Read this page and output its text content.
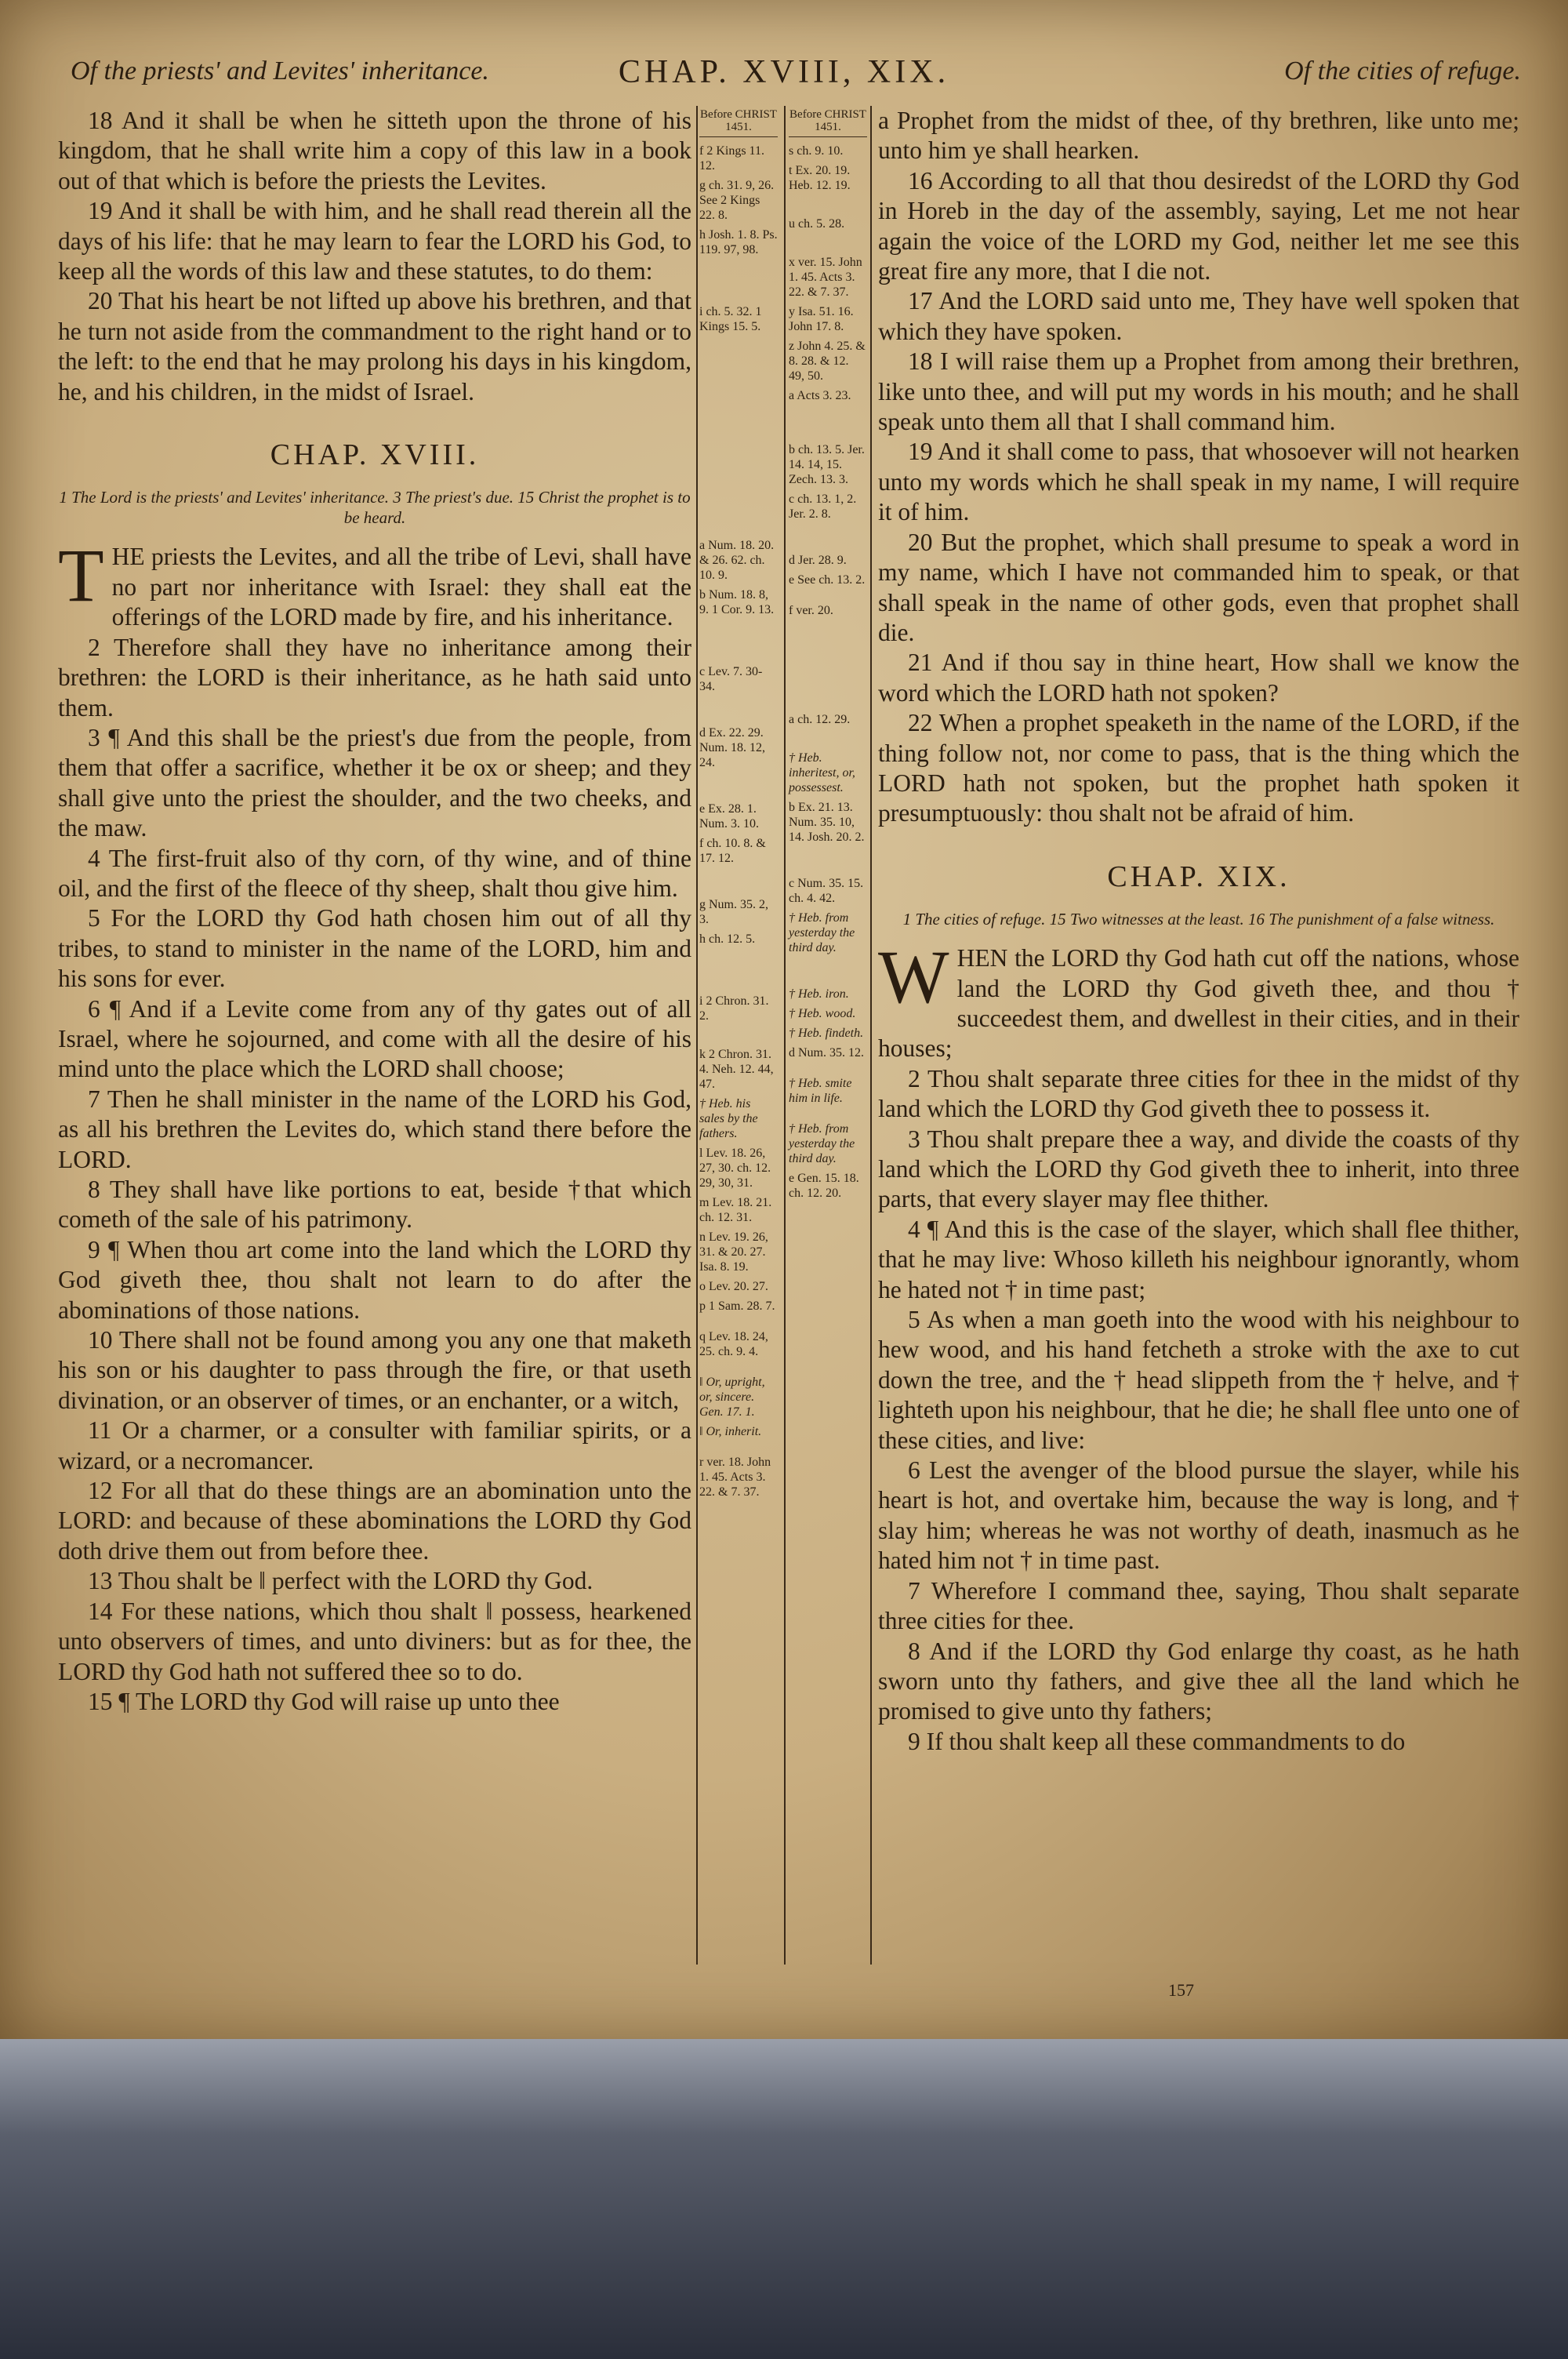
Of the priests' and Levites' inheritance.	CHAP. XVIII, XIX.	Of the cities of refuge.

18 And it shall be when he sitteth upon the throne of his kingdom, that he shall write him a copy of this law in a book out of that which is before the priests the Levites.

19 And it shall be with him, and he shall read therein all the days of his life: that he may learn to fear the LORD his God, to keep all the words of this law and these statutes, to do them:

20 That his heart be not lifted up above his brethren, and that he turn not aside from the commandment to the right hand or to the left: to the end that he may prolong his days in his kingdom, he, and his children, in the midst of Israel.

CHAP. XVIII.
1 The Lord is the priests' and Levites' inheritance. 3 The priest's due. 15 Christ the prophet is to be heard.

THE priests the Levites, and all the tribe of Levi, shall have no part nor inheritance with Israel: they shall eat the offerings of the LORD made by fire, and his inheritance.

2 Therefore shall they have no inheritance among their brethren: the LORD is their inheritance, as he hath said unto them.

3 ¶ And this shall be the priest's due from the people, from them that offer a sacrifice, whether it be ox or sheep; and they shall give unto the priest the shoulder, and the two cheeks, and the maw.

4 The first-fruit also of thy corn, of thy wine, and of thine oil, and the first of the fleece of thy sheep, shalt thou give him.

5 For the LORD thy God hath chosen him out of all thy tribes, to stand to minister in the name of the LORD, him and his sons for ever.

6 ¶ And if a Levite come from any of thy gates out of all Israel, where he sojourned, and come with all the desire of his mind unto the place which the LORD shall choose;

7 Then he shall minister in the name of the LORD his God, as all his brethren the Levites do, which stand there before the LORD.

8 They shall have like portions to eat, beside †that which cometh of the sale of his patrimony.

9 ¶ When thou art come into the land which the LORD thy God giveth thee, thou shalt not learn to do after the abominations of those nations.

10 There shall not be found among you any one that maketh his son or his daughter to pass through the fire, or that useth divination, or an observer of times, or an enchanter, or a witch,

11 Or a charmer, or a consulter with familiar spirits, or a wizard, or a necromancer.

12 For all that do these things are an abomination unto the LORD: and because of these abominations the LORD thy God doth drive them out from before thee.

13 Thou shalt be ‖ perfect with the LORD thy God.

14 For these nations, which thou shalt ‖ possess, hearkened unto observers of times, and unto diviners: but as for thee, the LORD thy God hath not suffered thee so to do.

15 ¶ The LORD thy God will raise up unto thee

Before CHRIST 1451.
f 2 Kings 11. 12.
g ch. 31. 9, 26. See 2 Kings 22. 8.
h Josh. 1. 8. Ps. 119. 97, 98.
i ch. 5. 32. 1 Kings 15. 5.
a Num. 18. 20. & 26. 62. ch. 10. 9.
b Num. 18. 8, 9. 1 Cor. 9. 13.
c Lev. 7. 30-34.
d Ex. 22. 29. Num. 18. 12, 24.
e Ex. 28. 1. Num. 3. 10.
f ch. 10. 8. & 17. 12.
g Num. 35. 2, 3.
h ch. 12. 5.
i 2 Chron. 31. 2.
k 2 Chron. 31. 4. Neh. 12. 44, 47.
† Heb. his sales by the fathers.
l Lev. 18. 26, 27, 30. ch. 12. 29, 30, 31.
m Lev. 18. 21. ch. 12. 31.
n Lev. 19. 26, 31. & 20. 27. Isa. 8. 19.
o Lev. 20. 27.
p 1 Sam. 28. 7.
q Lev. 18. 24, 25. ch. 9. 4.
‖ Or, upright, or, sincere. Gen. 17. 1.
‖ Or, inherit.
r ver. 18. John 1. 45. Acts 3. 22. & 7. 37.
Before CHRIST 1451.
s ch. 9. 10.
t Ex. 20. 19. Heb. 12. 19.
u ch. 5. 28.
x ver. 15. John 1. 45. Acts 3. 22. & 7. 37.
y Isa. 51. 16. John 17. 8.
z John 4. 25. & 8. 28. & 12. 49, 50.
a Acts 3. 23.
b ch. 13. 5. Jer. 14. 14, 15. Zech. 13. 3.
c ch. 13. 1, 2. Jer. 2. 8.
d Jer. 28. 9.
e See ch. 13. 2.
f ver. 20.
a ch. 12. 29.
† Heb. inheritest, or, possessest.
b Ex. 21. 13. Num. 35. 10, 14. Josh. 20. 2.
c Num. 35. 15. ch. 4. 42.
† Heb. from yesterday the third day.
† Heb. iron.
† Heb. wood.
† Heb. findeth.
d Num. 35. 12.
† Heb. smite him in life.
† Heb. from yesterday the third day.
e Gen. 15. 18. ch. 12. 20.

a Prophet from the midst of thee, of thy brethren, like unto me; unto him ye shall hearken.

16 According to all that thou desiredst of the LORD thy God in Horeb in the day of the assembly, saying, Let me not hear again the voice of the LORD my God, neither let me see this great fire any more, that I die not.

17 And the LORD said unto me, They have well spoken that which they have spoken.

18 I will raise them up a Prophet from among their brethren, like unto thee, and will put my words in his mouth; and he shall speak unto them all that I shall command him.

19 And it shall come to pass, that whosoever will not hearken unto my words which he shall speak in my name, I will require it of him.

20 But the prophet, which shall presume to speak a word in my name, which I have not commanded him to speak, or that shall speak in the name of other gods, even that prophet shall die.

21 And if thou say in thine heart, How shall we know the word which the LORD hath not spoken?

22 When a prophet speaketh in the name of the LORD, if the thing follow not, nor come to pass, that is the thing which the LORD hath not spoken, but the prophet hath spoken it presumptuously: thou shalt not be afraid of him.

CHAP. XIX.
1 The cities of refuge. 15 Two witnesses at the least. 16 The punishment of a false witness.

WHEN the LORD thy God hath cut off the nations, whose land the LORD thy God giveth thee, and thou † succeedest them, and dwellest in their cities, and in their houses;

2 Thou shalt separate three cities for thee in the midst of thy land which the LORD thy God giveth thee to possess it.

3 Thou shalt prepare thee a way, and divide the coasts of thy land which the LORD thy God giveth thee to inherit, into three parts, that every slayer may flee thither.

4 ¶ And this is the case of the slayer, which shall flee thither, that he may live: Whoso killeth his neighbour ignorantly, whom he hated not † in time past;

5 As when a man goeth into the wood with his neighbour to hew wood, and his hand fetcheth a stroke with the axe to cut down the tree, and the † head slippeth from the † helve, and † lighteth upon his neighbour, that he die; he shall flee unto one of these cities, and live:

6 Lest the avenger of the blood pursue the slayer, while his heart is hot, and overtake him, because the way is long, and † slay him; whereas he was not worthy of death, inasmuch as he hated him not † in time past.

7 Wherefore I command thee, saying, Thou shalt separate three cities for thee.

8 And if the LORD thy God enlarge thy coast, as he hath sworn unto thy fathers, and give thee all the land which he promised to give unto thy fathers;

9 If thou shalt keep all these commandments to do

157
